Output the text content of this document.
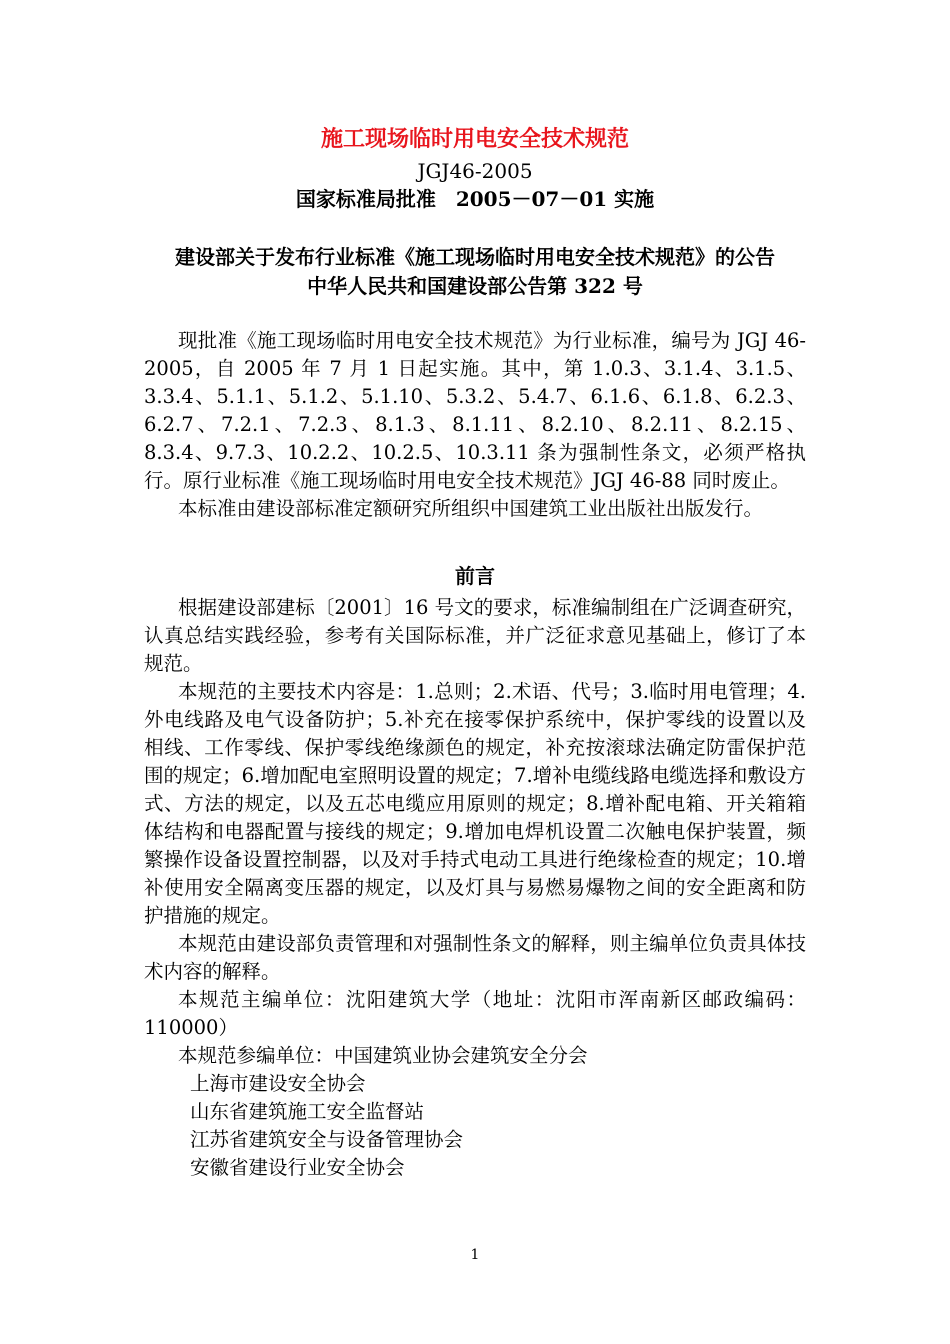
施工现场临时用电安全技术规范
JGJ46-2005
国家标准局批准　2005－07－01 实施
建设部关于发布行业标准《施工现场临时用电安全技术规范》的公告
中华人民共和国建设部公告第 322 号

现批准《施工现场临时用电安全技术规范》为行业标准，编号为 JGJ 46-2005，自 2005 年 7 月 1 日起实施。其中，第 1.0.3、3.1.4、3.1.5、3.3.4、5.1.1、5.1.2、5.1.10、5.3.2、5.4.7、6.1.6、6.1.8、6.2.3、6.2.7、7.2.1、7.2.3、8.1.3、8.1.11、8.2.10、8.2.11、8.2.15、8.3.4、9.7.3、10.2.2、10.2.5、10.3.11 条为强制性条文，必须严格执行。原行业标准《施工现场临时用电安全技术规范》JGJ 46-88 同时废止。

本标准由建设部标准定额研究所组织中国建筑工业出版社出版发行。

前言

根据建设部建标〔2001〕16 号文的要求，标准编制组在广泛调查研究，认真总结实践经验，参考有关国际标准，并广泛征求意见基础上，修订了本规范。

本规范的主要技术内容是：1.总则；2.术语、代号；3.临时用电管理；4.外电线路及电气设备防护；5.补充在接零保护系统中，保护零线的设置以及相线、工作零线、保护零线绝缘颜色的规定，补充按滚球法确定防雷保护范围的规定；6.增加配电室照明设置的规定；7.增补电缆线路电缆选择和敷设方式、方法的规定，以及五芯电缆应用原则的规定；8.增补配电箱、开关箱箱体结构和电器配置与接线的规定；9.增加电焊机设置二次触电保护装置，频繁操作设备设置控制器，以及对手持式电动工具进行绝缘检查的规定；10.增补使用安全隔离变压器的规定，以及灯具与易燃易爆物之间的安全距离和防护措施的规定。

本规范由建设部负责管理和对强制性条文的解释，则主编单位负责具体技术内容的解释。

本规范主编单位：沈阳建筑大学（地址：沈阳市浑南新区邮政编码：110000）

本规范参编单位：中国建筑业协会建筑安全分会

上海市建设安全协会

山东省建筑施工安全监督站

江苏省建筑安全与设备管理协会

安徽省建设行业安全协会

1
